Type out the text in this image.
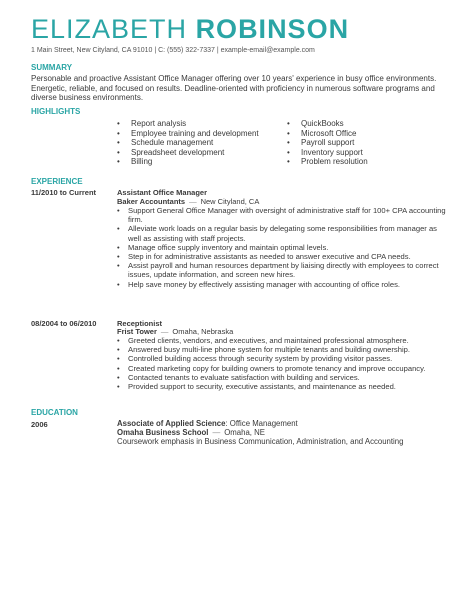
ELIZABETH ROBINSON
1 Main Street, New Cityland, CA 91010 | C: (555) 322-7337 | example-email@example.com
SUMMARY
Personable and proactive Assistant Office Manager offering over 10 years' experience in busy office environments. Energetic, reliable, and focused on results. Deadline-oriented with proficiency in numerous software programs and diverse business environments.
HIGHLIGHTS
• Report analysis
• Employee training and development
• Schedule management
• Spreadsheet development
• Billing
• QuickBooks
• Microsoft Office
• Payroll support
• Inventory support
• Problem resolution
EXPERIENCE
11/2010 to Current	Assistant Office Manager
Baker Accountants — New Cityland, CA
• Support General Office Manager with oversight of administrative staff for 100+ CPA accounting firm.
• Alleviate work loads on a regular basis by delegating some responsibilities from manager as well as assisting with staff projects.
• Manage office supply inventory and maintain optimal levels.
• Step in for administrative assistants as needed to answer executive and CPA needs.
• Assist payroll and human resources department by liaising directly with employees to correct issues, update information, and screen new hires.
• Help save money by effectively assisting manager with accounting of office roles.
08/2004 to 06/2010	Receptionist
Frist Tower — Omaha, Nebraska
• Greeted clients, vendors, and executives, and maintained professional atmosphere.
• Answered busy multi-line phone system for multiple tenants and building ownership.
• Controlled building access through security system by providing visitor passes.
• Created marketing copy for building owners to promote tenancy and improve occupancy.
• Contacted tenants to evaluate satisfaction with building and services.
• Provided support to security, executive assistants, and maintenance as needed.
EDUCATION
2006	Associate of Applied Science: Office Management
Omaha Business School — Omaha, NE
Coursework emphasis in Business Communication, Administration, and Accounting
